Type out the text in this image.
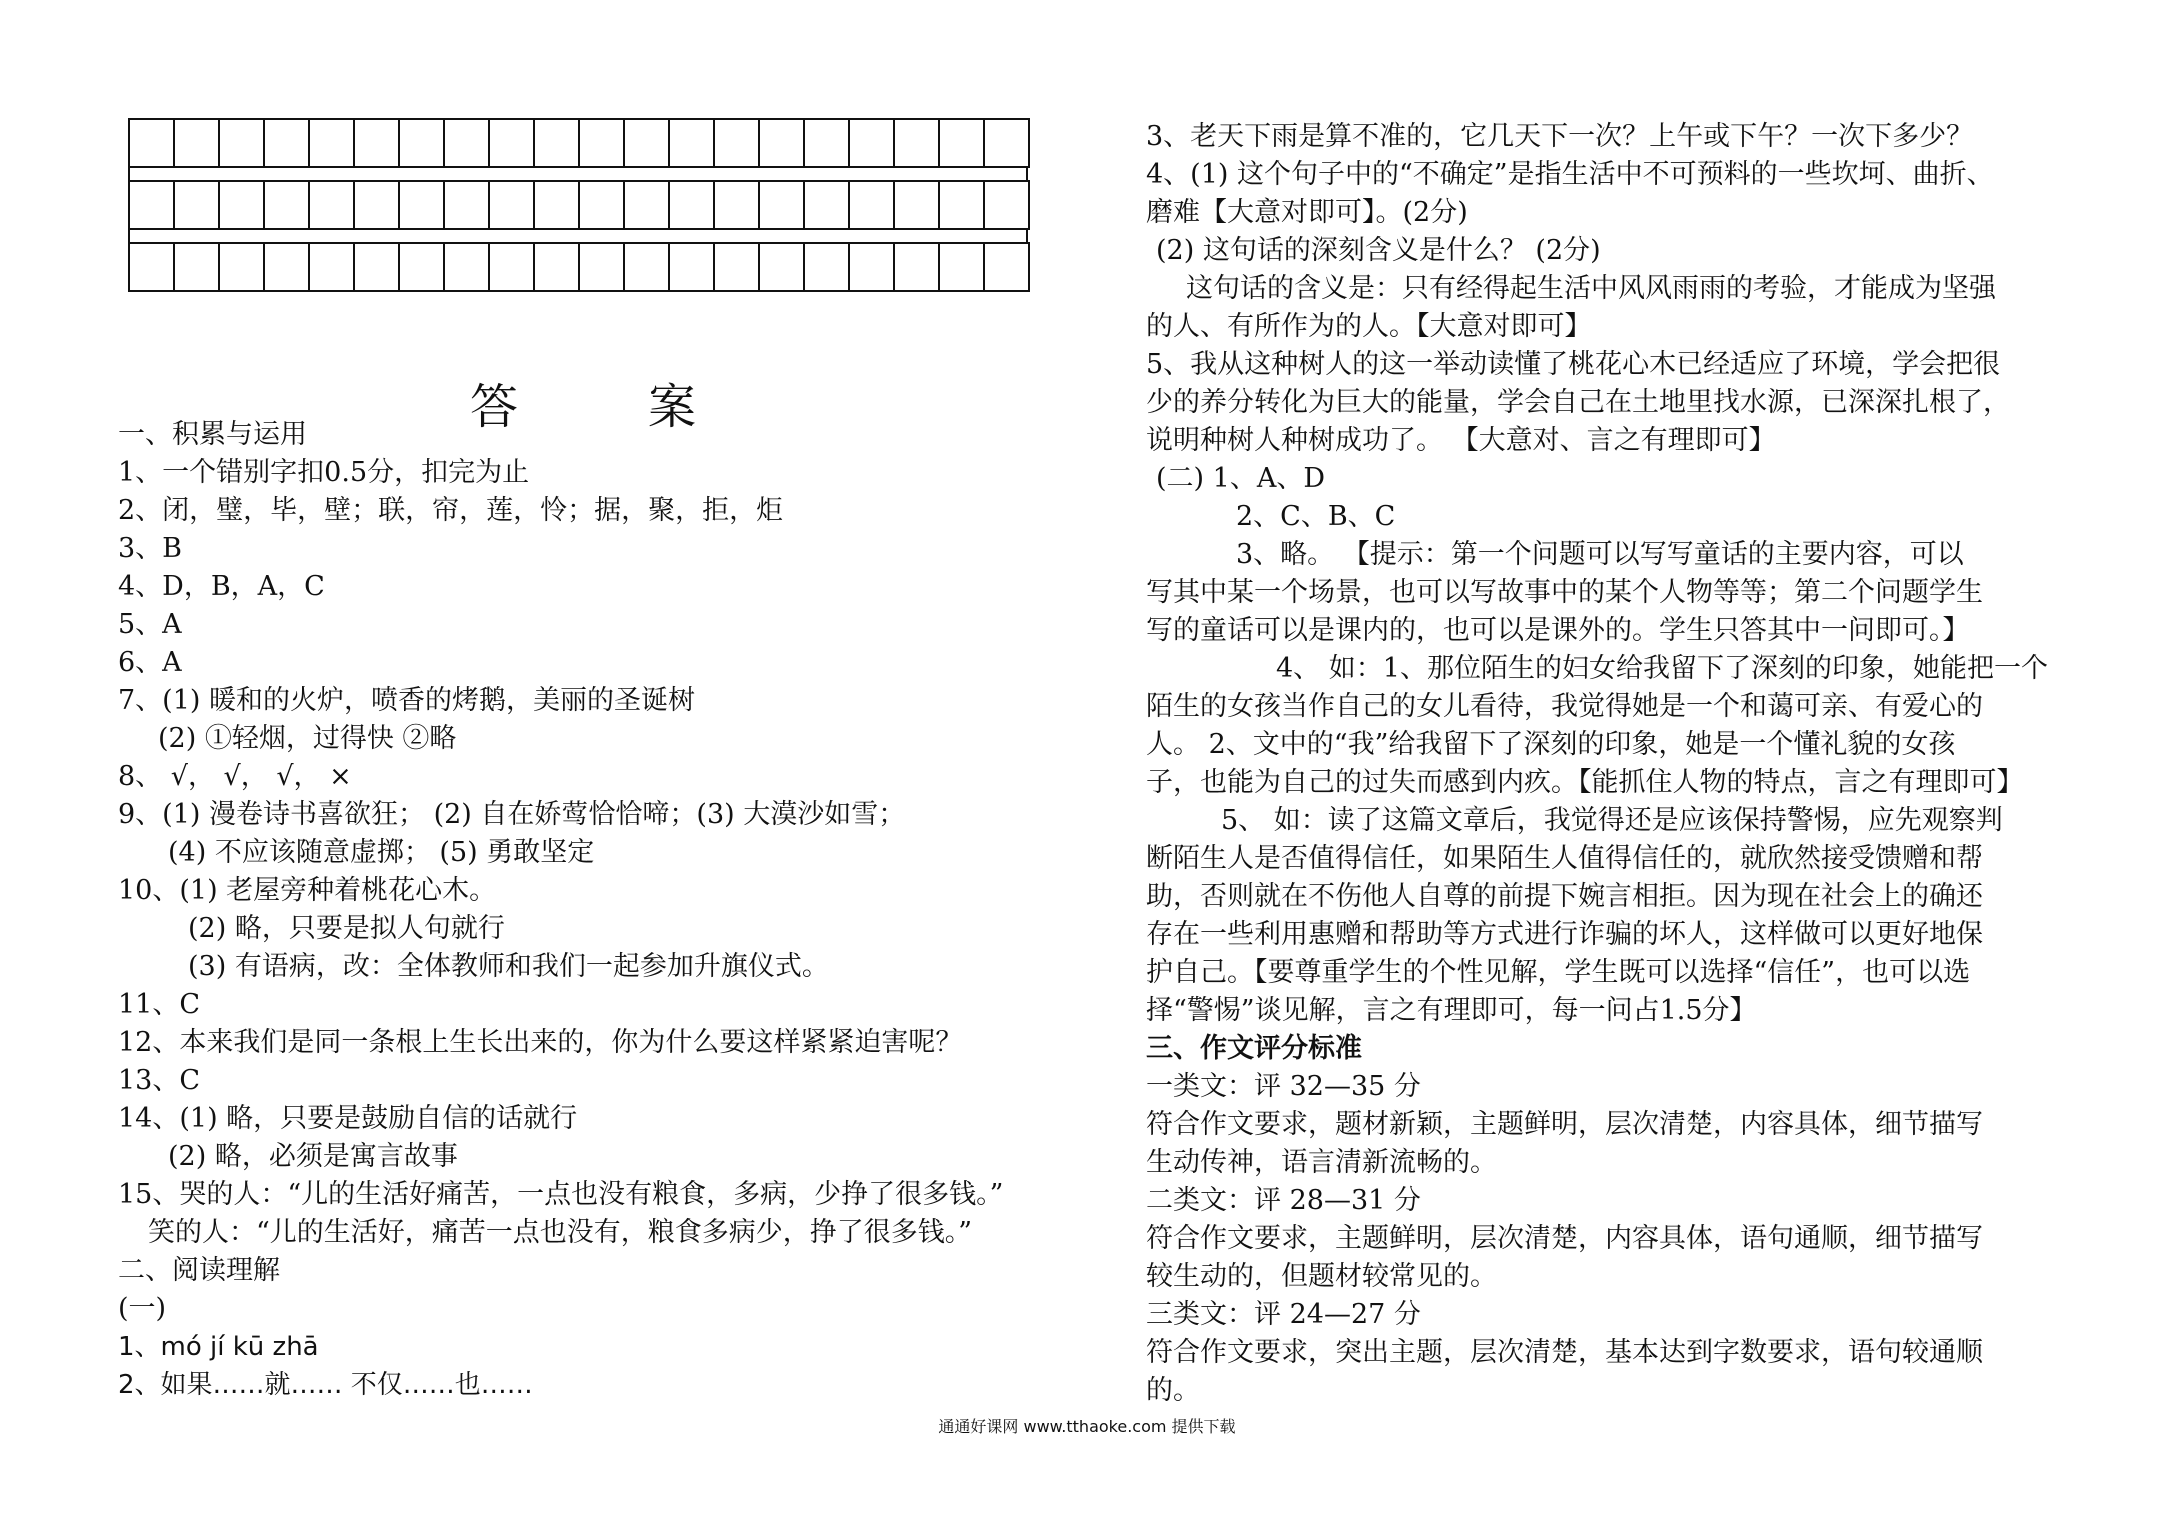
答	案
一、积累与运用
1、一个错别字扣0.5分，扣完为止
2、闭，璧，毕，壁；联，帘，莲，怜；据，聚，拒，炬
3、B
4、D，B，A，C
5、A
6、A
7、(1) 暖和的火炉，喷香的烤鹅，美丽的圣诞树
(2) ①轻烟，过得快 ②略
8、 √， √， √， ×
9、(1) 漫卷诗书喜欲狂； (2) 自在娇莺恰恰啼；(3) 大漠沙如雪；
(4) 不应该随意虚掷； (5) 勇敢坚定
10、(1) 老屋旁种着桃花心木。
(2) 略，只要是拟人句就行
(3) 有语病，改：全体教师和我们一起参加升旗仪式。
11、C
12、本来我们是同一条根上生长出来的，你为什么要这样紧紧迫害呢？
13、C
14、(1) 略，只要是鼓励自信的话就行
(2) 略，必须是寓言故事
15、哭的人：“儿的生活好痛苦，一点也没有粮食，多病，少挣了很多钱。”
笑的人：“儿的生活好，痛苦一点也没有，粮食多病少，挣了很多钱。”
二、阅读理解
(一)
1、mó jí kū zhā
2、如果……就…… 不仅……也……
3、老天下雨是算不准的，它几天下一次？上午或下午？一次下多少？
4、(1) 这个句子中的“不确定”是指生活中不可预料的一些坎坷、曲折、
磨难【大意对即可】。(2分)
(2) 这句话的深刻含义是什么？ (2分)
这句话的含义是：只有经得起生活中风风雨雨的考验，才能成为坚强
的人、有所作为的人。【大意对即可】
5、我从这种树人的这一举动读懂了桃花心木已经适应了环境，学会把很
少的养分转化为巨大的能量，学会自己在土地里找水源，已深深扎根了，
说明种树人种树成功了。 【大意对、言之有理即可】
(二) 1、A、D
2、C、B、C
3、略。 【提示：第一个问题可以写写童话的主要内容，可以
写其中某一个场景，也可以写故事中的某个人物等等；第二个问题学生
写的童话可以是课内的，也可以是课外的。学生只答其中一问即可。】
4、 如：1、那位陌生的妇女给我留下了深刻的印象，她能把一个
陌生的女孩当作自己的女儿看待，我觉得她是一个和蔼可亲、有爱心的
人。 2、文中的“我”给我留下了深刻的印象，她是一个懂礼貌的女孩
子，也能为自己的过失而感到内疚。【能抓住人物的特点，言之有理即可】
5、 如：读了这篇文章后，我觉得还是应该保持警惕，应先观察判
断陌生人是否值得信任，如果陌生人值得信任的，就欣然接受馈赠和帮
助，否则就在不伤他人自尊的前提下婉言相拒。因为现在社会上的确还
存在一些利用惠赠和帮助等方式进行诈骗的坏人，这样做可以更好地保
护自己。【要尊重学生的个性见解，学生既可以选择“信任”，也可以选
择“警惕”谈见解，言之有理即可，每一问占1.5分】
三、作文评分标准
一类文：评 32—35 分
符合作文要求，题材新颖，主题鲜明，层次清楚，内容具体，细节描写
生动传神，语言清新流畅的。
二类文：评 28—31 分
符合作文要求，主题鲜明，层次清楚，内容具体，语句通顺，细节描写
较生动的，但题材较常见的。
三类文：评 24—27 分
符合作文要求，突出主题，层次清楚，基本达到字数要求，语句较通顺
的。
通通好课网 www.tthaoke.com 提供下载
